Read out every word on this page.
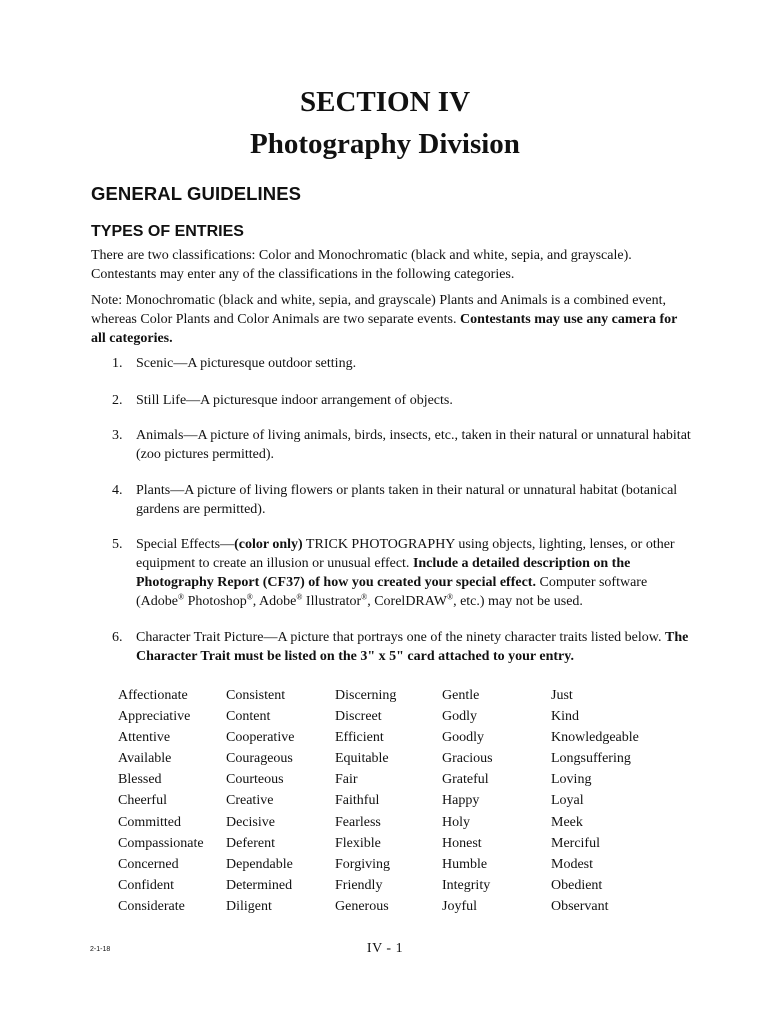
SECTION IV
Photography Division
GENERAL GUIDELINES
TYPES OF ENTRIES

There are two classifications: Color and Monochromatic (black and white, sepia, and grayscale). Contestants may enter any of the classifications in the following categories.

Note: Monochromatic (black and white, sepia, and grayscale) Plants and Animals is a combined event, whereas Color Plants and Color Animals are two separate events. Contestants may use any camera for all categories.

1. Scenic—A picturesque outdoor setting.
2. Still Life—A picturesque indoor arrangement of objects.
3. Animals—A picture of living animals, birds, insects, etc., taken in their natural or unnatural habitat (zoo pictures permitted).
4. Plants—A picture of living flowers or plants taken in their natural or unnatural habitat (botanical gardens are permitted).
5. Special Effects—(color only) TRICK PHOTOGRAPHY using objects, lighting, lenses, or other equipment to create an illusion or unusual effect. Include a detailed description on the Photography Report (CF37) of how you created your special effect. Computer software (Adobe® Photoshop®, Adobe® Illustrator®, CorelDRAW®, etc.) may not be used.
6. Character Trait Picture—A picture that portrays one of the ninety character traits listed below. The Character Trait must be listed on the 3" x 5" card attached to your entry.
Affectionate
Appreciative
Attentive
Available
Blessed
Cheerful
Committed
Compassionate
Concerned
Confident
Considerate
Consistent
Content
Cooperative
Courageous
Courteous
Creative
Decisive
Deferent
Dependable
Determined
Diligent
Discerning
Discreet
Efficient
Equitable
Fair
Faithful
Fearless
Flexible
Forgiving
Friendly
Generous
Gentle
Godly
Goodly
Gracious
Grateful
Happy
Holy
Honest
Humble
Integrity
Joyful
Just
Kind
Knowledgeable
Longsuffering
Loving
Loyal
Meek
Merciful
Modest
Obedient
Observant
2-1-18	IV - 1
